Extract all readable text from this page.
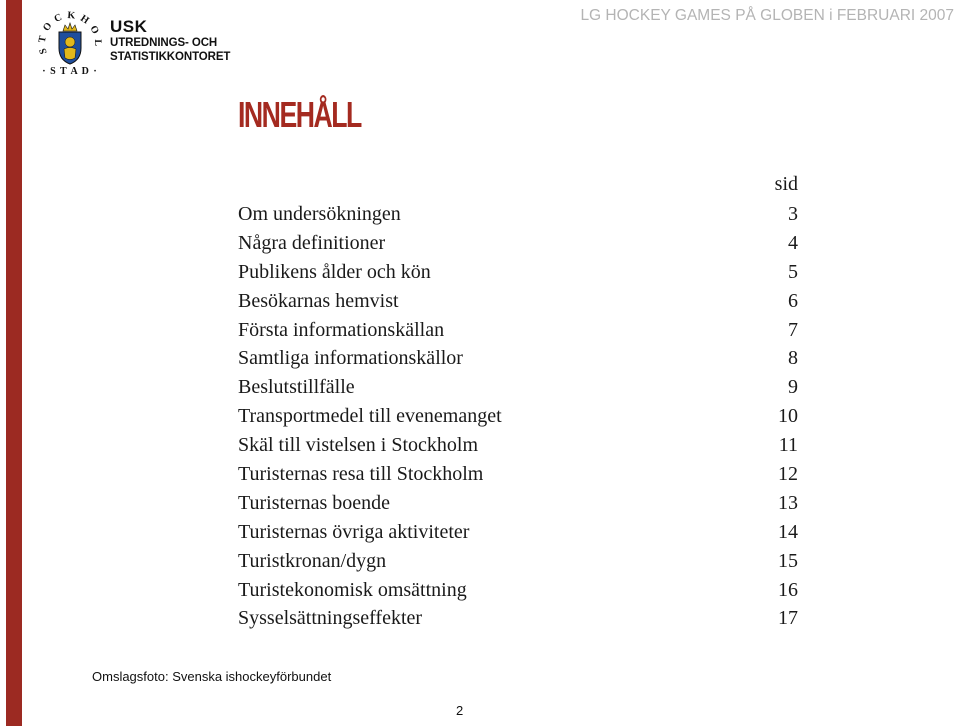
S T O C K H O L
· S T A D ·
USK
UTREDNINGS- OCH
STATISTIKKONTORET
LG HOCKEY GAMES PÅ GLOBEN i FEBRUARI 2007
INNEHÅLL
sid
Om undersökningen	3
Några definitioner	4
Publikens ålder och kön	5
Besökarnas hemvist	6
Första informationskällan	7
Samtliga informationskällor	8
Beslutstillfälle	9
Transportmedel till evenemanget	10
Skäl till vistelsen i Stockholm	11
Turisternas resa till Stockholm	12
Turisternas boende	13
Turisternas övriga aktiviteter	14
Turistkronan/dygn	15
Turistekonomisk omsättning	16
Sysselsättningseffekter	17
Omslagsfoto: Svenska ishockeyförbundet
2
